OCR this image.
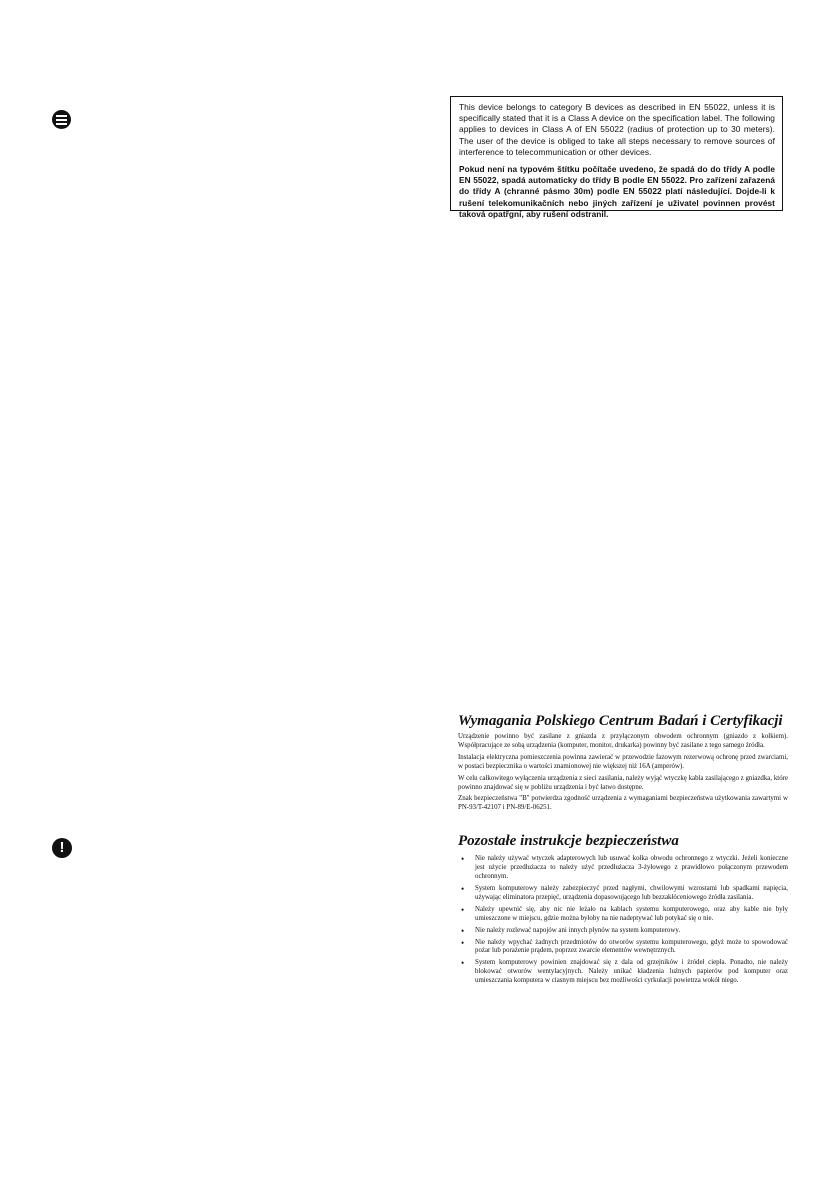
This device belongs to category B devices as described in EN 55022, unless it is specifically stated that it is a Class A device on the specification label. The following applies to devices in Class A of EN 55022 (radius of protection up to 30 meters). The user of the device is obliged to take all steps necessary to remove sources of interference to telecommunication or other devices.

Pokud není na typovém štítku počítače uvedeno, že spadá do do třídy A podle EN 55022, spadá automaticky do třídy B podle EN 55022. Pro zařízení zařazená do třídy A (chranné pásmo 30m) podle EN 55022 platí následující. Dojde-li k rušení telekomunikačních nebo jiných zařízení je uživatel povinnen provést taková opatřgní, aby rušení odstranil.

!
Wymagania Polskiego Centrum Badań i Certyfikacji

Urządzenie powinno być zasilane z gniazda z przyłączonym obwodem ochronnym (gniazdo z kołkiem). Współpracujące ze sobą urządzenia (komputer, monitor, drukarka) powinny być zasilane z tego samego źródła.

Instalacja elektryczna pomieszczenia powinna zawierać w przewodzie fazowym rezerwową ochronę przed zwarciami, w postaci bezpiecznika o wartości znamionowej nie większej niż 16A (amperów).

W celu całkowitego wyłączenia urządzenia z sieci zasilania, należy wyjąć wtyczkę kabla zasilającego z gniazdka, które powinno znajdować się w pobliżu urządzenia i być łatwo dostępne.

Znak bezpieczeństwa "B" potwierdza zgodność urządzenia z wymaganiami bezpieczeństwa użytkowania zawartymi w PN-93/T-42107 i PN-89/E-06251.

Pozostałe instrukcje bezpieczeństwa
• Nie należy używać wtyczek adapterowych lub usuwać kołka obwodu ochronnego z wtyczki. Jeżeli konieczne jest użycie przedłużacza to należy użyć przedłużacza 3-żyłowego z prawidłowo połączonym przewodem ochronnym.
• System komputerowy należy zabezpieczyć przed nagłymi, chwilowymi wzrostami lub spadkami napięcia, używając eliminatora przepięć, urządzenia dopasowującego lub bezzakłóceniowego źródła zasilania.
• Należy upewnić się, aby nic nie leżało na kablach systemu komputerowego, oraz aby kable nie były umieszczone w miejscu, gdzie można byłoby na nie nadeptywać lub potykać się o nie.
• Nie należy rozlewać napojów ani innych płynów na system komputerowy.
• Nie należy wpychać żadnych przedmiotów do otworów systemu komputerowego, gdyż może to spowodować pożar lub porażenie prądem, poprzez zwarcie elementów wewnętrznych.
• System komputerowy powinien znajdować się z dala od grzejników i źródeł ciepła. Ponadto, nie należy blokować otworów wentylacyjnych. Należy unikać kładzenia luźnych papierów pod komputer oraz umieszczania komputera w ciasnym miejscu bez możliwości cyrkulacji powietrza wokół niego.
